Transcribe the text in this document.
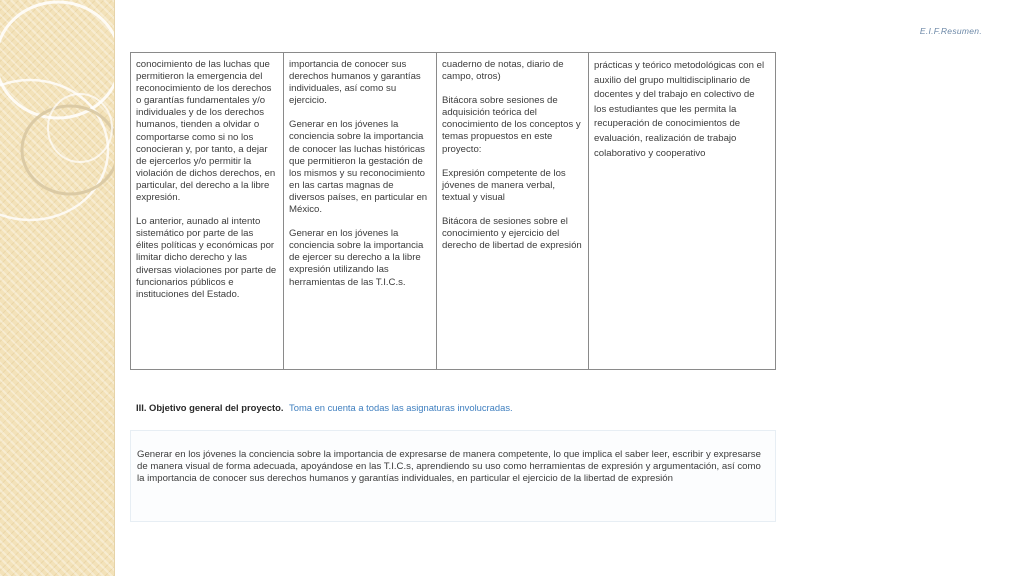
E.I.F.Resumen.

conocimiento de las luchas que permitieron la emergencia del reconocimiento de los derechos o garantías fundamentales y/o individuales y de los derechos humanos, tienden a olvidar o comportarse como si no los conocieran y, por tanto, a dejar de ejercerlos y/o permitir la violación de dichos derechos, en particular, del derecho a la libre expresión.

Lo anterior, aunado al intento sistemático por parte de las élites políticas y económicas por limitar dicho derecho y las diversas violaciones por parte de funcionarios públicos e instituciones del Estado.

importancia de conocer sus derechos humanos y garantías individuales, así como su ejercicio.

Generar en los jóvenes la conciencia sobre la importancia de conocer las luchas históricas que permitieron la gestación de los mismos y su reconocimiento en las cartas magnas de diversos países, en particular en México.

Generar en los jóvenes la conciencia sobre la importancia de ejercer su derecho a la libre expresión utilizando las herramientas de las T.I.C.s.

cuaderno de notas, diario de campo, otros)

Bitácora sobre sesiones de adquisición teórica del conocimiento de los conceptos y temas propuestos en este proyecto:

Expresión competente de los jóvenes de manera verbal, textual y visual

Bitácora de sesiones sobre el conocimiento y ejercicio del derecho de libertad de expresión

prácticas y teórico metodológicas con el auxilio del grupo multidisciplinario de docentes y del trabajo en colectivo de los estudiantes que les permita la recuperación de conocimientos de evaluación, realización de trabajo colaborativo y cooperativo

III. Objetivo general del proyecto. Toma en cuenta a todas las asignaturas involucradas.
Generar en los jóvenes la conciencia sobre la importancia de expresarse de manera competente, lo que implica el saber leer, escribir y expresarse de manera visual de forma adecuada, apoyándose en las T.I.C.s, aprendiendo su uso como herramientas de expresión y argumentación, así como la importancia de conocer sus derechos humanos y garantías individuales, en particular el ejercicio de la libertad de expresión
